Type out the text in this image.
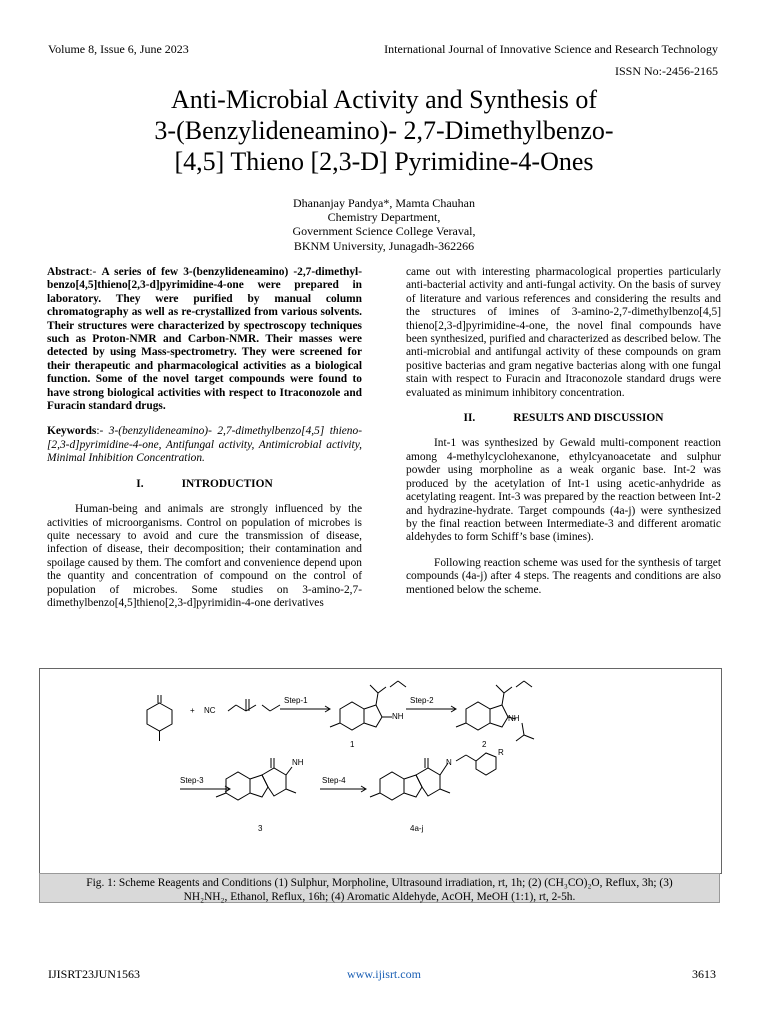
Volume 8, Issue 6, June 2023	International Journal of Innovative Science and Research Technology
ISSN No:-2456-2165
Anti-Microbial Activity and Synthesis of
3-(Benzylideneamino)- 2,7-Dimethylbenzo-
[4,5] Thieno [2,3-D] Pyrimidine-4-Ones
Dhananjay Pandya*, Mamta Chauhan
Chemistry Department,
Government Science College Veraval,
BKNM University, Junagadh-362266

Abstract:- A series of few 3-(benzylideneamino) -2,7-dimethyl-benzo[4,5]thieno[2,3-d]pyrimidine-4-one were prepared in laboratory. They were purified by manual column chromatography as well as re-crystallized from various solvents. Their structures were characterized by spectroscopy techniques such as Proton-NMR and Carbon-NMR. Their masses were detected by using Mass-spectrometry. They were screened for their therapeutic and pharmacological activities as a biological function. Some of the novel target compounds were found to have strong biological activities with respect to Itraconozole and Furacin standard drugs.

Keywords:- 3-(benzylideneamino)- 2,7-dimethylbenzo[4,5] thieno-[2,3-d]pyrimidine-4-one, Antifungal activity, Antimicrobial activity, Minimal Inhibition Concentration.

I.	INTRODUCTION

Human-being and animals are strongly influenced by the activities of microorganisms. Control on population of microbes is quite necessary to avoid and cure the transmission of disease, infection of disease, their decomposition; their contamination and spoilage caused by them. The comfort and convenience depend upon the quantity and concentration of compound on the control of population of microbes. Some studies on 3-amino-2,7-dimethylbenzo[4,5]thieno[2,3-d]pyrimidin-4-one derivatives

came out with interesting pharmacological properties particularly anti-bacterial activity and anti-fungal activity. On the basis of survey of literature and various references and considering the results and the structures of imines of 3-amino-2,7-dimethylbenzo[4,5] thieno[2,3-d]pyrimidine-4-one, the novel final compounds have been synthesized, purified and characterized as described below. The anti-microbial and antifungal activity of these compounds on gram positive bacterias and gram negative bacterias along with one fungal stain with respect to Furacin and Itraconozole standard drugs were evaluated as minimum inhibitory concentration.

II.	RESULTS AND DISCUSSION

Int-1 was synthesized by Gewald multi-component reaction among 4-methylcyclohexanone, ethylcyanoacetate and sulphur powder using morpholine as a weak organic base. Int-2 was produced by the acetylation of Int-1 using acetic-anhydride as acetylating reagent. Int-3 was prepared by the reaction between Int-2 and hydrazine-hydrate. Target compounds (4a-j) were synthesized by the final reaction between Intermediate-3 and different aromatic aldehydes to form Schiff’s base (imines).

Following reaction scheme was used for the synthesis of target compounds (4a-j) after 4 steps. The reagents and conditions are also mentioned below the scheme.

+ NC
Step-1	Step-2
Step-3	Step-4
NH	NH
NH	N
R
1	2
3	4a-j
Fig. 1: Scheme Reagents and Conditions (1) Sulphur, Morpholine, Ultrasound irradiation, rt, 1h; (2) (CH₃CO)₂O, Reflux, 3h; (3)
NH₂NH₂, Ethanol, Reflux, 16h; (4) Aromatic Aldehyde, AcOH, MeOH (1:1), rt, 2-5h.
IJISRT23JUN1563	www.ijisrt.com	3613
